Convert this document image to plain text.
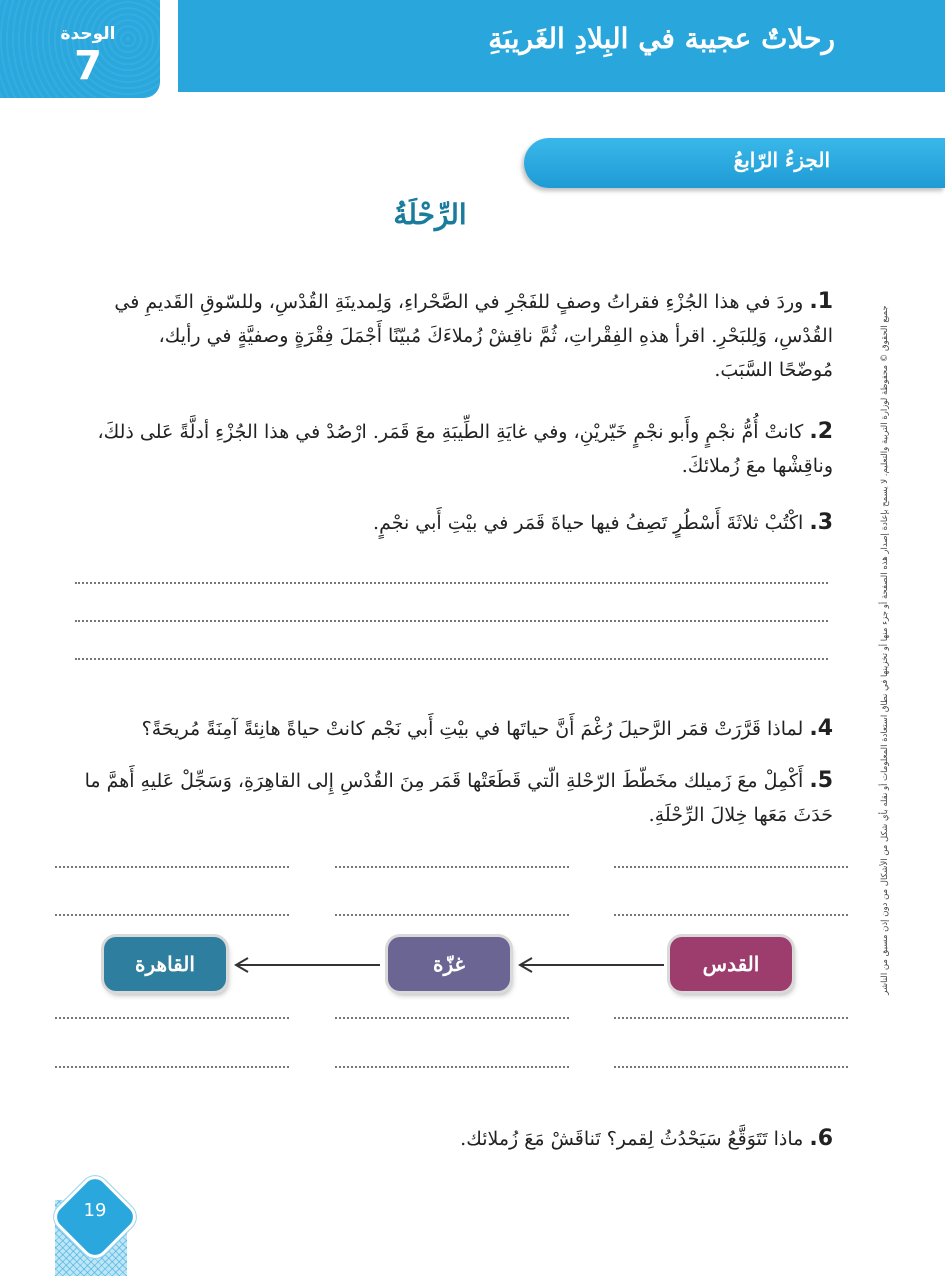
رحلاتٌ عجيبة في البِلادِ الغَريبَةِ
الوحدة
7
الجزءُ الرّابعُ
الرِّحْلَةُ
جميع الحقوق © محفوظة لوزارة التربية والتعليم. لا يسمح بإعادة إصدار هذه الصفحة أو جزء منها أو تخزينها في نطاق استعادة المعلومات أو نقله بأي شكل من الأشكال من دون إذن مسبق من الناشر
1.وردَ في هذا الجُزْءِ فقراتُ وصفٍ للفَجْرِ في الصَّحْراءِ، وَلِمدينَةِ القُدْسِ، وللسّوقِ القَديمِ في القُدْسِ، وَلِلبَحْرِ. اقرأ هذهِ الفِقْراتِ، ثُمَّ ناقِشْ زُملاءَكَ مُبيّنًا أَجْمَلَ فِقْرَةٍ وصفيَّةٍ في رأيك، مُوضّحًا السَّبَبَ.
2.كانتْ أُمُّ نجْمٍ وأَبو نجْمٍ خَيّريْنِ، وفي غايَةِ الطِّيبَةِ معَ قَمَر. ارْصُدْ في هذا الجُزْءِ أدلَّةً عَلى ذلكَ، وناقِشْها معَ زُملائكَ.
3.اكْتُبْ ثلاثَةَ أَسْطُرٍ تَصِفُ فيها حياةَ قَمَر في بيْتِ أَبي نجْمٍ.
4.لماذا قَرَّرَتْ قمَر الرَّحيلَ رُغْمَ أَنَّ حياتَها في بيْتِ أَبي نَجْم كانتْ حياةً هانِئةً آمِنَةً مُريحَةً؟
5.أَكْمِلْ معَ زَميلك مخَطّطَ الرّحْلةِ الّتي قَطَعَتْها قَمَر مِنَ القُدْسِ إِلى القاهِرَةِ، وَسَجِّلْ عَليهِ أَهمَّ ما حَدَثَ مَعَها خِلالَ الرِّحْلَةِ.
القدس
غزّة
القاهرة
6.ماذا تَتَوَقَّعُ سَيَحْدُثُ لِقمر؟ تَناقَشْ مَعَ زُملائك.
19
